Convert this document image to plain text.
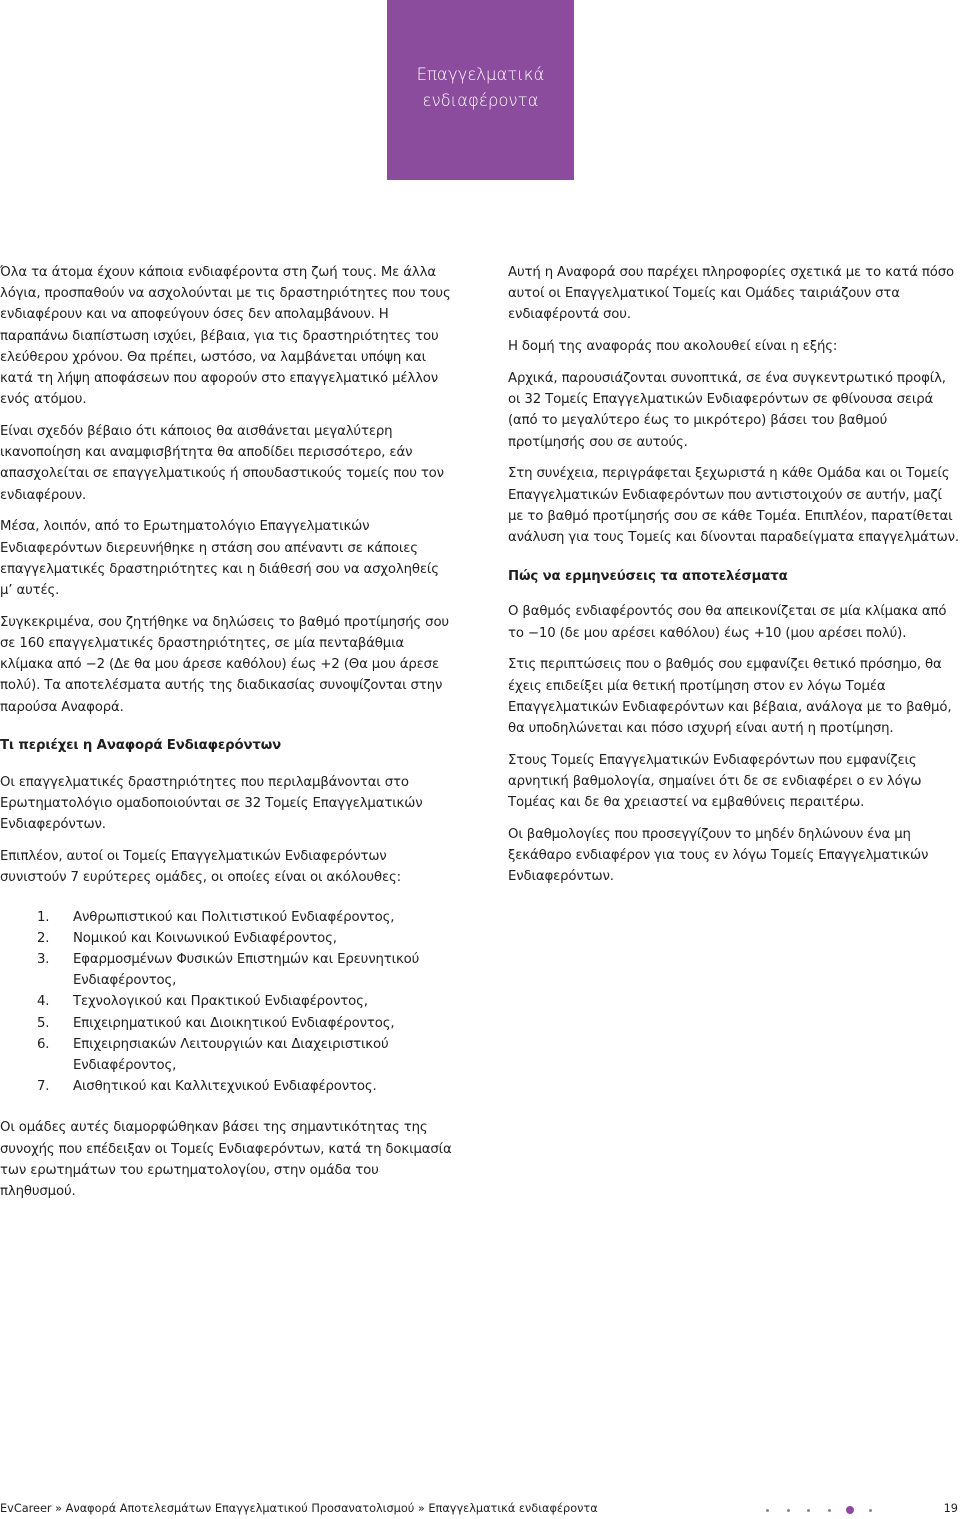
Επαγγελματικά
ενδιαφέροντα

Όλα τα άτομα έχουν κάποια ενδιαφέροντα στη ζωή τους. Με άλλα λόγια, προσπαθούν να ασχολούνται με τις δραστηριότητες που τους ενδιαφέρουν και να αποφεύγουν όσες δεν απολαμβάνουν. Η παραπάνω διαπίστωση ισχύει, βέβαια, για τις δραστηριότητες του ελεύθερου χρόνου. Θα πρέπει, ωστόσο, να λαμβάνεται υπόψη και κατά τη λήψη αποφάσεων που αφορούν στο επαγγελματικό μέλλον ενός ατόμου.

Είναι σχεδόν βέβαιο ότι κάποιος θα αισθάνεται μεγαλύτερη ικανοποίηση και αναμφισβήτητα θα αποδίδει περισσότερο, εάν απασχολείται σε επαγγελματικούς ή σπουδαστικούς τομείς που τον ενδιαφέρουν.

Μέσα, λοιπόν, από το Ερωτηματολόγιο Επαγγελματικών Ενδιαφερόντων διερευνήθηκε η στάση σου απέναντι σε κάποιες επαγγελματικές δραστηριότητες και η διάθεσή σου να ασχοληθείς μ’ αυτές.

Συγκεκριμένα, σου ζητήθηκε να δηλώσεις το βαθμό προτίμησής σου σε 160 επαγγελματικές δραστηριότητες, σε μία πενταβάθμια κλίμακα από −2 (Δε θα μου άρεσε καθόλου) έως +2 (Θα μου άρεσε πολύ). Τα αποτελέσματα αυτής της διαδικασίας συνοψίζονται στην παρούσα Αναφορά.

Τι περιέχει η Αναφορά Ενδιαφερόντων

Οι επαγγελματικές δραστηριότητες που περιλαμβάνονται στο Ερωτηματολόγιο ομαδοποιούνται σε 32 Τομείς Επαγγελματικών Ενδιαφερόντων.

Επιπλέον, αυτοί οι Τομείς Επαγγελματικών Ενδιαφερόντων συνιστούν 7 ευρύτερες ομάδες, οι οποίες είναι οι ακόλουθες:

1.	Ανθρωπιστικού και Πολιτιστικού Ενδιαφέροντος,
2.	Νομικού και Κοινωνικού Ενδιαφέροντος,
3.	Εφαρμοσμένων Φυσικών Επιστημών και Ερευνητικού Ενδιαφέροντος,
4.	Τεχνολογικού και Πρακτικού Ενδιαφέροντος,
5.	Επιχειρηματικού και Διοικητικού Ενδιαφέροντος,
6.	Επιχειρησιακών Λειτουργιών και Διαχειριστικού Ενδιαφέροντος,
7.	Αισθητικού και Καλλιτεχνικού Ενδιαφέροντος.

Οι ομάδες αυτές διαμορφώθηκαν βάσει της σημαντικότητας της συνοχής που επέδειξαν οι Τομείς Ενδιαφερόντων, κατά τη δοκιμασία των ερωτημάτων του ερωτηματολογίου, στην ομάδα του πληθυσμού.

Αυτή η Αναφορά σου παρέχει πληροφορίες σχετικά με το κατά πόσο αυτοί οι Επαγγελματικοί Τομείς και Ομάδες ταιριάζουν στα ενδιαφέροντά σου.

Η δομή της αναφοράς που ακολουθεί είναι η εξής:

Αρχικά, παρουσιάζονται συνοπτικά, σε ένα συγκεντρωτικό προφίλ, οι 32 Τομείς Επαγγελματικών Ενδιαφερόντων σε φθίνουσα σειρά (από το μεγαλύτερο έως το μικρότερο) βάσει του βαθμού προτίμησής σου σε αυτούς.

Στη συνέχεια, περιγράφεται ξεχωριστά η κάθε Ομάδα και οι Τομείς Επαγγελματικών Ενδιαφερόντων που αντιστοιχούν σε αυτήν, μαζί με το βαθμό προτίμησής σου σε κάθε Τομέα. Επιπλέον, παρατίθεται ανάλυση για τους Τομείς και δίνονται παραδείγματα επαγγελμάτων.

Πώς να ερμηνεύσεις τα αποτελέσματα

Ο βαθμός ενδιαφέροντός σου θα απεικονίζεται σε μία κλίμακα από το −10 (δε μου αρέσει καθόλου) έως +10 (μου αρέσει πολύ).

Στις περιπτώσεις που ο βαθμός σου εμφανίζει θετικό πρόσημο, θα έχεις επιδείξει μία θετική προτίμηση στον εν λόγω Τομέα Επαγγελματικών Ενδιαφερόντων και βέβαια, ανάλογα με το βαθμό, θα υποδηλώνεται και πόσο ισχυρή είναι αυτή η προτίμηση.

Στους Τομείς Επαγγελματικών Ενδιαφερόντων που εμφανίζεις αρνητική βαθμολογία, σημαίνει ότι δε σε ενδιαφέρει ο εν λόγω Τομέας και δε θα χρειαστεί να εμβαθύνεις περαιτέρω.

Οι βαθμολογίες που προσεγγίζουν το μηδέν δηλώνουν ένα μη ξεκάθαρο ενδιαφέρον για τους εν λόγω Τομείς Επαγγελματικών Ενδιαφερόντων.

EvCareer » Αναφορά Αποτελεσμάτων Επαγγελματικού Προσανατολισμού » Επαγγελματικά ενδιαφέροντα	19
